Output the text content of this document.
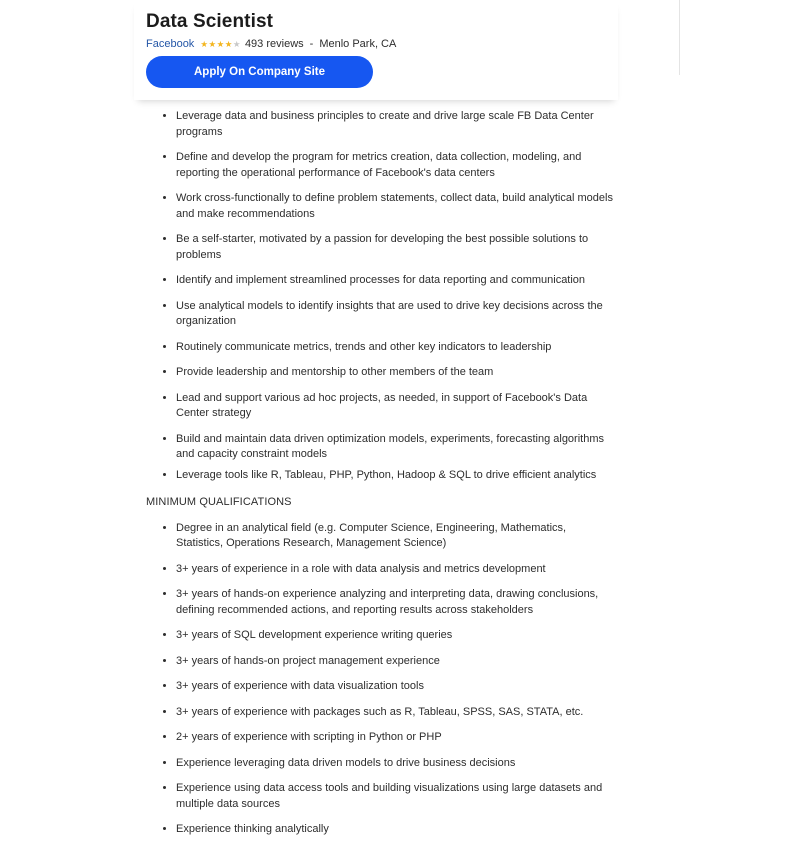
Data Scientist
Facebook ★ ★ ★ ★ ★ 493 reviews - Menlo Park, CA
Apply On Company Site
• Leverage data and business principles to create and drive large scale FB Data Center programs
• Define and develop the program for metrics creation, data collection, modeling, and reporting the operational performance of Facebook's data centers
• Work cross-functionally to define problem statements, collect data, build analytical models and make recommendations
• Be a self-starter, motivated by a passion for developing the best possible solutions to problems
• Identify and implement streamlined processes for data reporting and communication
• Use analytical models to identify insights that are used to drive key decisions across the organization
• Routinely communicate metrics, trends and other key indicators to leadership
• Provide leadership and mentorship to other members of the team
• Lead and support various ad hoc projects, as needed, in support of Facebook's Data Center strategy
• Build and maintain data driven optimization models, experiments, forecasting algorithms and capacity constraint models
• Leverage tools like R, Tableau, PHP, Python, Hadoop & SQL to drive efficient analytics
MINIMUM QUALIFICATIONS
• Degree in an analytical field (e.g. Computer Science, Engineering, Mathematics, Statistics, Operations Research, Management Science)
• 3+ years of experience in a role with data analysis and metrics development
• 3+ years of hands-on experience analyzing and interpreting data, drawing conclusions, defining recommended actions, and reporting results across stakeholders
• 3+ years of SQL development experience writing queries
• 3+ years of hands-on project management experience
• 3+ years of experience with data visualization tools
• 3+ years of experience with packages such as R, Tableau, SPSS, SAS, STATA, etc.
• 2+ years of experience with scripting in Python or PHP
• Experience leveraging data driven models to drive business decisions
• Experience using data access tools and building visualizations using large datasets and multiple data sources
• Experience thinking analytically
